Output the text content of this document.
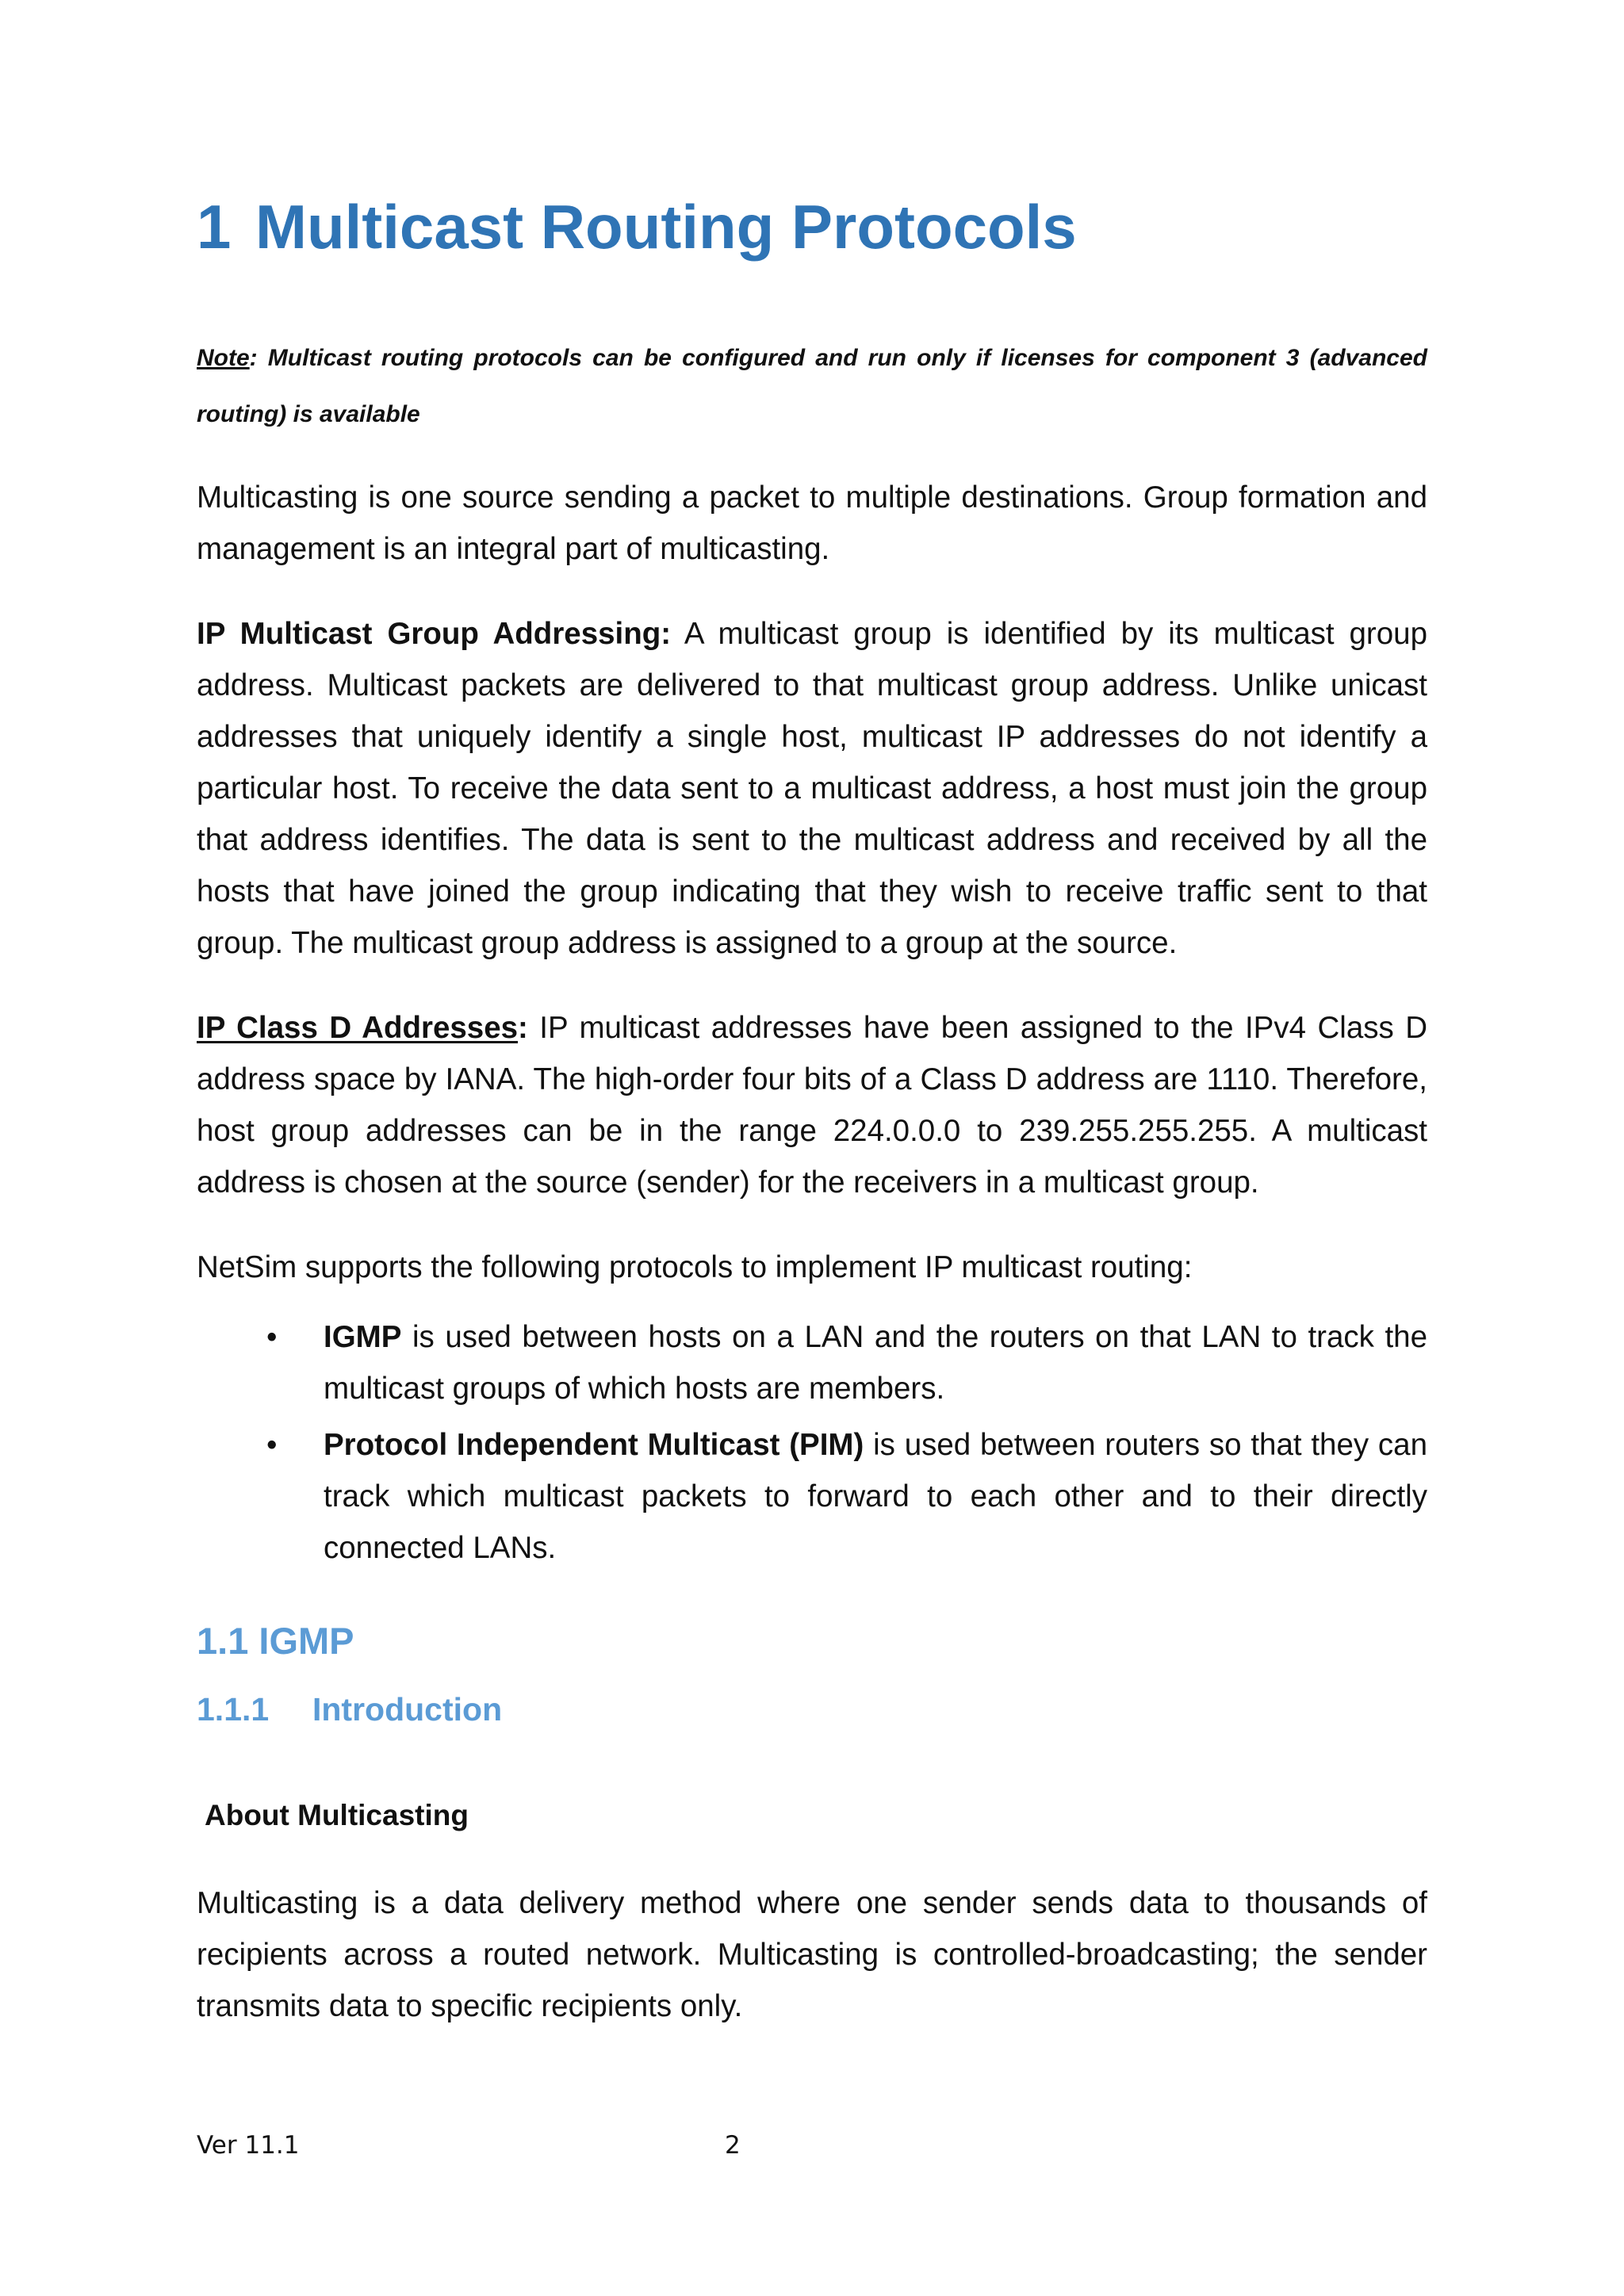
1 Multicast Routing Protocols
Note: Multicast routing protocols can be configured and run only if licenses for component 3 (advanced routing) is available
Multicasting is one source sending a packet to multiple destinations. Group formation and management is an integral part of multicasting.
IP Multicast Group Addressing: A multicast group is identified by its multicast group address. Multicast packets are delivered to that multicast group address. Unlike unicast addresses that uniquely identify a single host, multicast IP addresses do not identify a particular host. To receive the data sent to a multicast address, a host must join the group that address identifies. The data is sent to the multicast address and received by all the hosts that have joined the group indicating that they wish to receive traffic sent to that group. The multicast group address is assigned to a group at the source.
IP Class D Addresses: IP multicast addresses have been assigned to the IPv4 Class D address space by IANA. The high-order four bits of a Class D address are 1110. Therefore, host group addresses can be in the range 224.0.0.0 to 239.255.255.255. A multicast address is chosen at the source (sender) for the receivers in a multicast group.
NetSim supports the following protocols to implement IP multicast routing:
• IGMP is used between hosts on a LAN and the routers on that LAN to track the multicast groups of which hosts are members.
• Protocol Independent Multicast (PIM) is used between routers so that they can track which multicast packets to forward to each other and to their directly connected LANs.
1.1 IGMP
1.1.1 Introduction
About Multicasting
Multicasting is a data delivery method where one sender sends data to thousands of recipients across a routed network. Multicasting is controlled-broadcasting; the sender transmits data to specific recipients only.
Ver 11.1	2
